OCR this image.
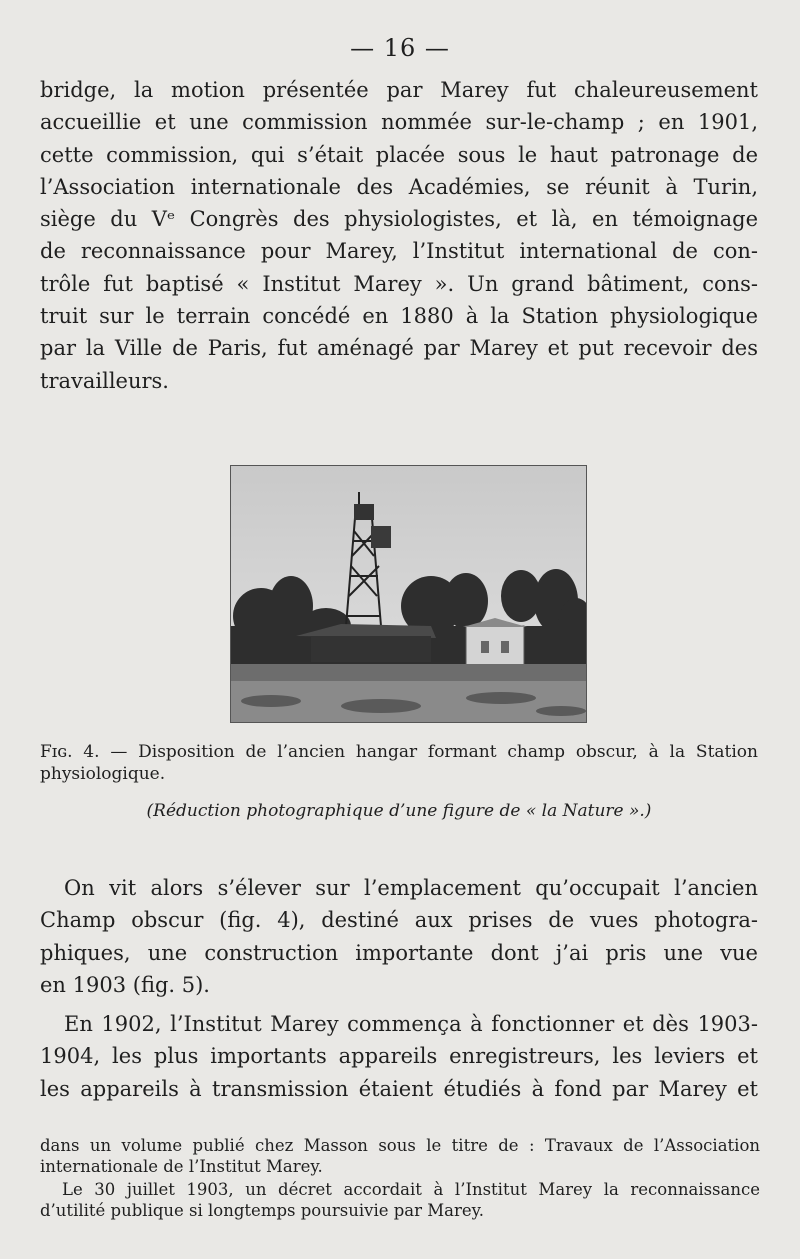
— 16 —
bridge, la motion présentée par Marey fut chaleureusement
accueillie et une commission nommée sur-le-champ ; en 1901,
cette commission, qui s’était placée sous le haut patronage de
l’Association internationale des Académies, se réunit à Turin,
siège du Vᵉ Congrès des physiologistes, et là, en témoignage
de reconnaissance pour Marey, l’Institut international de con-
trôle fut baptisé « Institut Marey ». Un grand bâtiment, cons-
truit sur le terrain concédé en 1880 à la Station physiologique
par la Ville de Paris, fut aménagé par Marey et put recevoir des
travailleurs.
Fɪɢ. 4. — Disposition de l’ancien hangar formant champ obscur, à la Station
physiologique.
(Réduction photographique d’une figure de « la Nature ».)
On vit alors s’élever sur l’emplacement qu’occupait l’ancien
Champ obscur (fig. 4), destiné aux prises de vues photogra-
phiques, une construction importante dont j’ai pris une vue
en 1903 (fig. 5).
En 1902, l’Institut Marey commença à fonctionner et dès 1903-
1904, les plus importants appareils enregistreurs, les leviers et
les appareils à transmission étaient étudiés à fond par Marey et
dans un volume publié chez Masson sous le titre de : Travaux de l’Association
internationale de l’Institut Marey.
Le 30 juillet 1903, un décret accordait à l’Institut Marey la reconnaissance
d’utilité publique si longtemps poursuivie par Marey.
